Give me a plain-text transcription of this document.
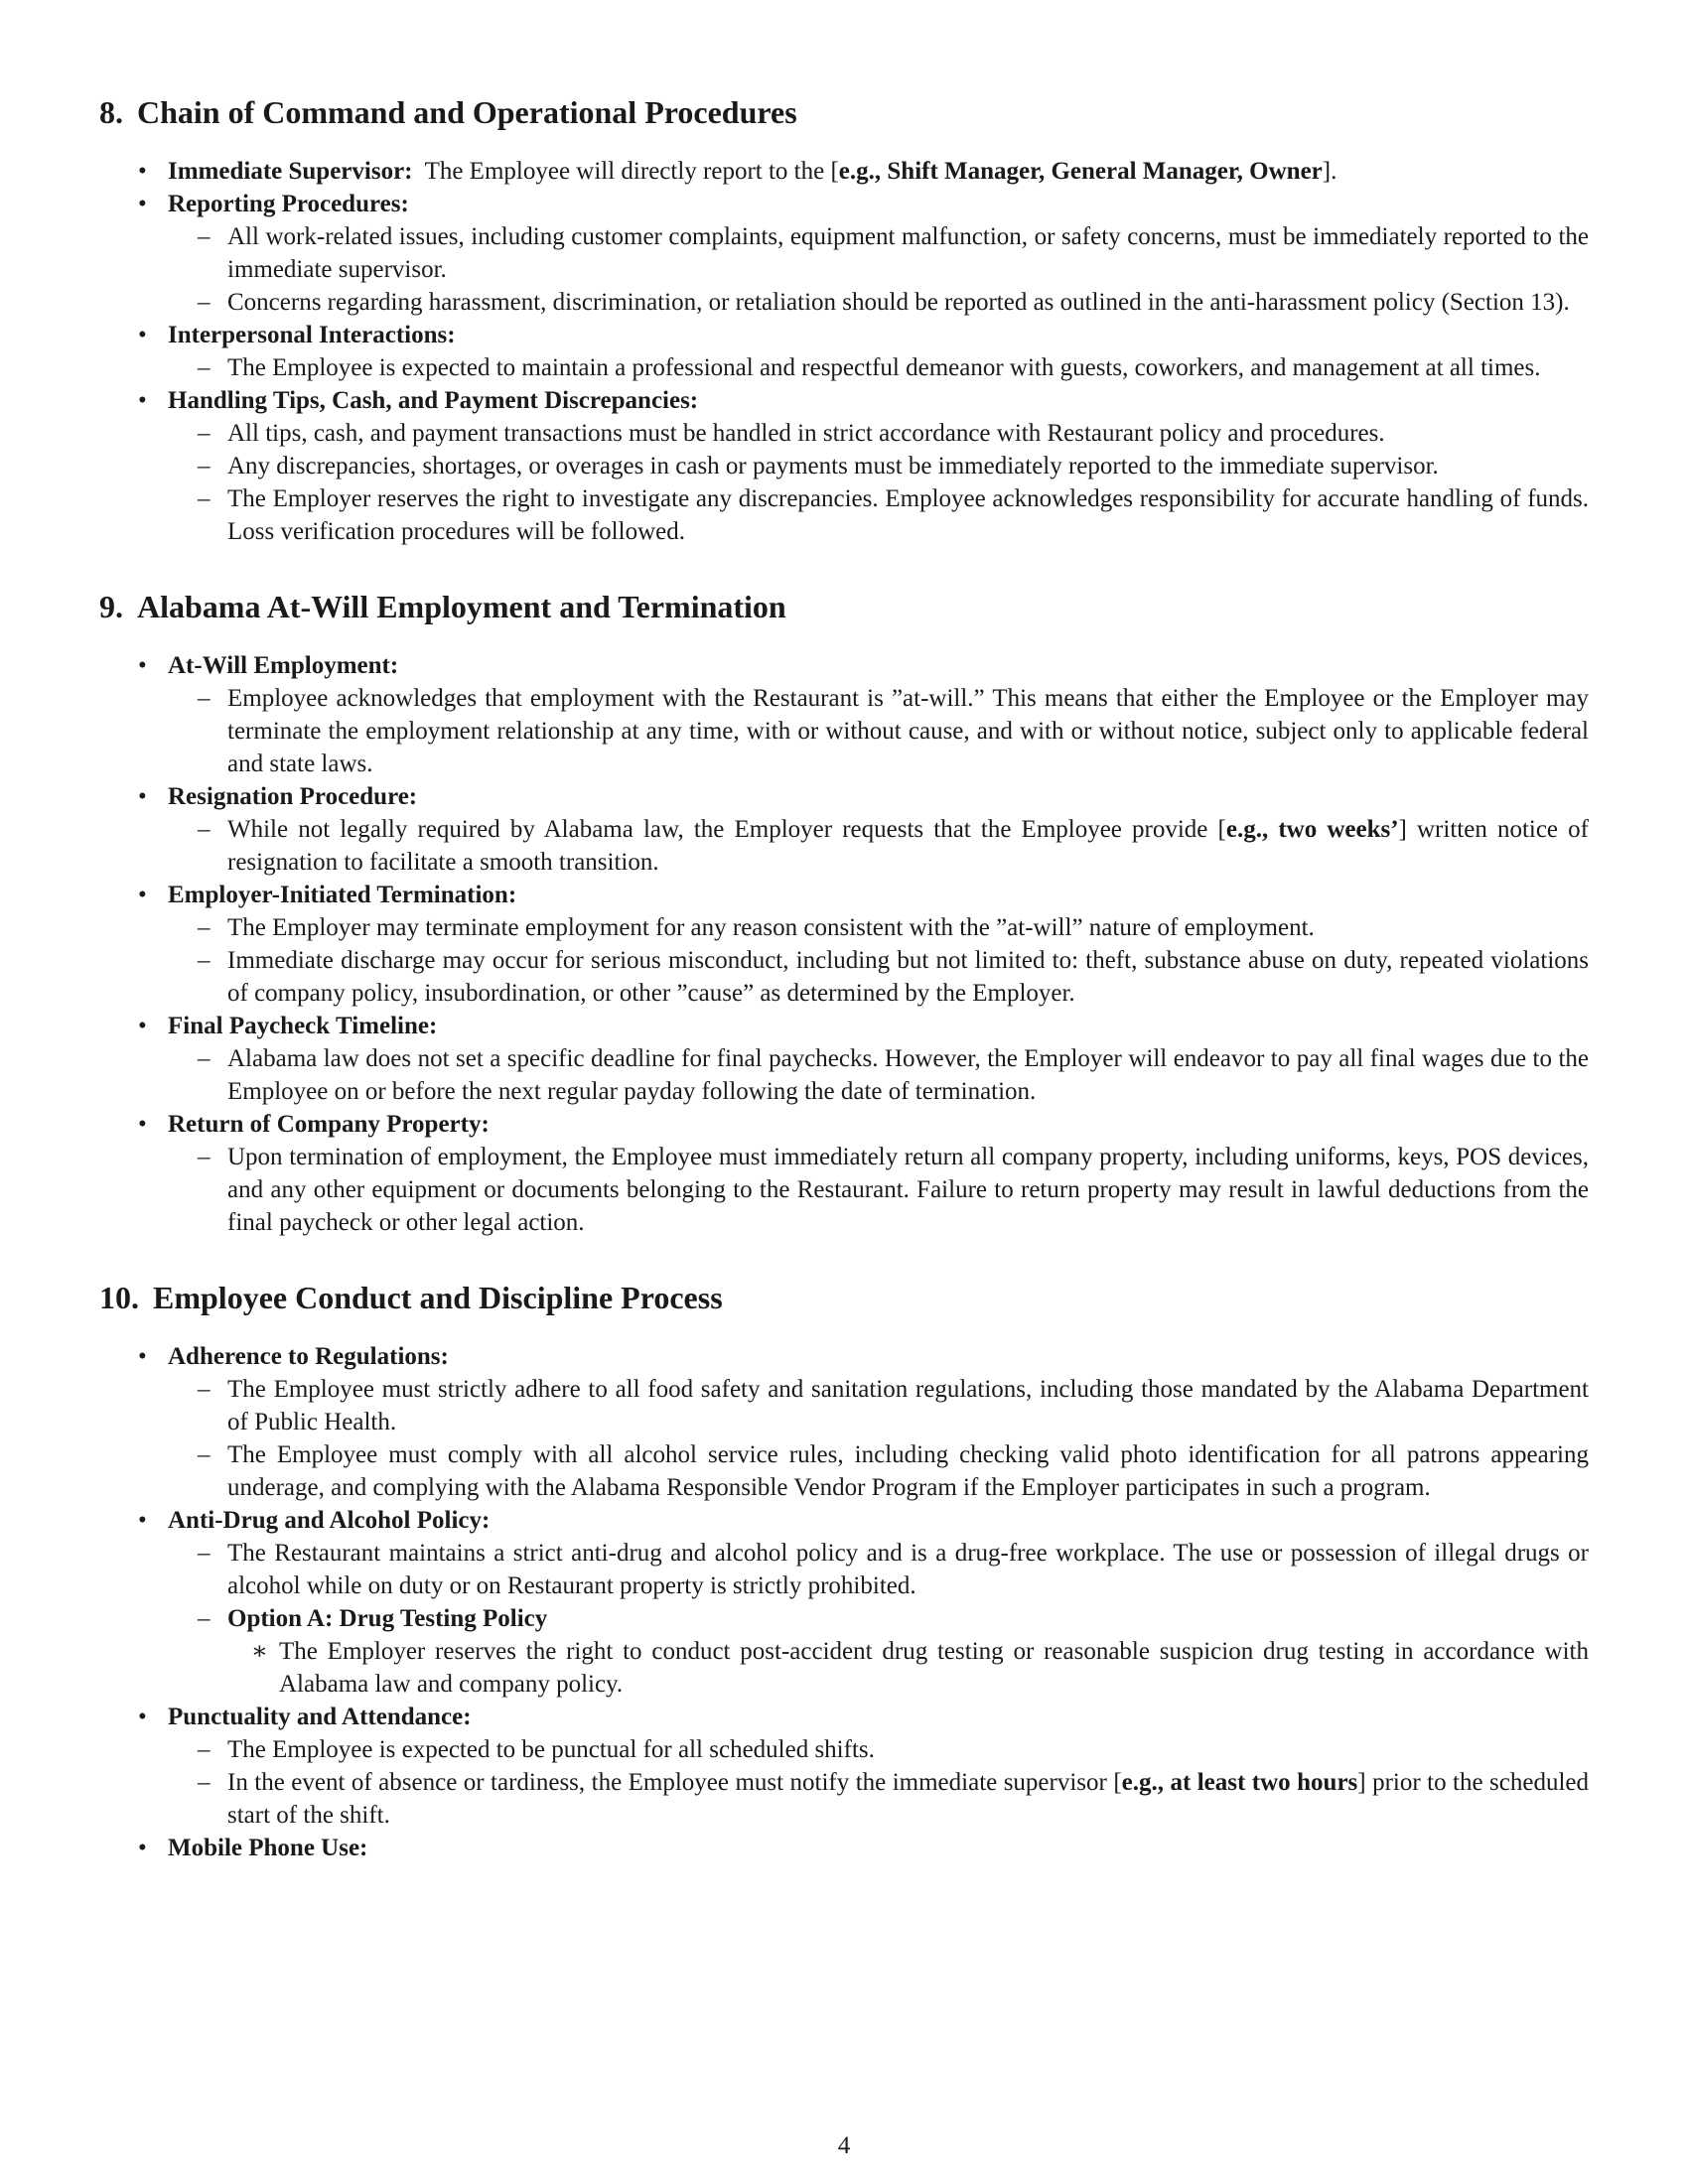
8. Chain of Command and Operational Procedures
• Immediate Supervisor: The Employee will directly report to the [e.g., Shift Manager, General Manager, Owner].
• Reporting Procedures:
– All work-related issues, including customer complaints, equipment malfunction, or safety concerns, must be immediately reported to the immediate supervisor.
– Concerns regarding harassment, discrimination, or retaliation should be reported as outlined in the anti-harassment policy (Section 13).
• Interpersonal Interactions:
– The Employee is expected to maintain a professional and respectful demeanor with guests, coworkers, and management at all times.
• Handling Tips, Cash, and Payment Discrepancies:
– All tips, cash, and payment transactions must be handled in strict accordance with Restaurant policy and procedures.
– Any discrepancies, shortages, or overages in cash or payments must be immediately reported to the immediate supervisor.
– The Employer reserves the right to investigate any discrepancies. Employee acknowledges responsibility for accurate handling of funds. Loss verification procedures will be followed.
9. Alabama At-Will Employment and Termination
• At-Will Employment:
– Employee acknowledges that employment with the Restaurant is ”at-will.” This means that either the Employee or the Employer may terminate the employment relationship at any time, with or without cause, and with or without notice, subject only to applicable federal and state laws.
• Resignation Procedure:
– While not legally required by Alabama law, the Employer requests that the Employee provide [e.g., two weeks’] written notice of resignation to facilitate a smooth transition.
• Employer-Initiated Termination:
– The Employer may terminate employment for any reason consistent with the ”at-will” nature of employment.
– Immediate discharge may occur for serious misconduct, including but not limited to: theft, substance abuse on duty, repeated violations of company policy, insubordination, or other ”cause” as determined by the Employer.
• Final Paycheck Timeline:
– Alabama law does not set a specific deadline for final paychecks. However, the Employer will endeavor to pay all final wages due to the Employee on or before the next regular payday following the date of termination.
• Return of Company Property:
– Upon termination of employment, the Employee must immediately return all company property, including uniforms, keys, POS devices, and any other equipment or documents belonging to the Restaurant. Failure to return property may result in lawful deductions from the final paycheck or other legal action.
10. Employee Conduct and Discipline Process
• Adherence to Regulations:
– The Employee must strictly adhere to all food safety and sanitation regulations, including those mandated by the Alabama Department of Public Health.
– The Employee must comply with all alcohol service rules, including checking valid photo identification for all patrons appearing underage, and complying with the Alabama Responsible Vendor Program if the Employer participates in such a program.
• Anti-Drug and Alcohol Policy:
– The Restaurant maintains a strict anti-drug and alcohol policy and is a drug-free workplace. The use or possession of illegal drugs or alcohol while on duty or on Restaurant property is strictly prohibited.
– Option A: Drug Testing Policy
∗ The Employer reserves the right to conduct post-accident drug testing or reasonable suspicion drug testing in accordance with Alabama law and company policy.
• Punctuality and Attendance:
– The Employee is expected to be punctual for all scheduled shifts.
– In the event of absence or tardiness, the Employee must notify the immediate supervisor [e.g., at least two hours] prior to the scheduled start of the shift.
• Mobile Phone Use:
4
